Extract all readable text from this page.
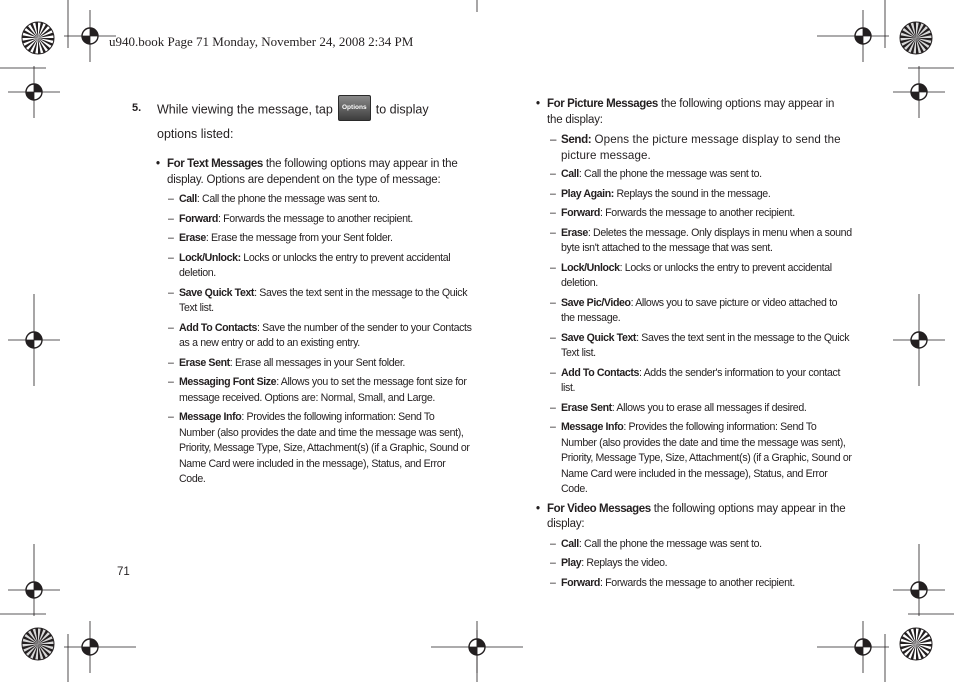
u940.book Page 71 Monday, November 24, 2008 2:34 PM
5.	While viewing the message, tap Options to display options listed:
• For Text Messages the following options may appear in the display. Options are dependent on the type of message:
– Call: Call the phone the message was sent to.
– Forward: Forwards the message to another recipient.
– Erase: Erase the message from your Sent folder.
– Lock/Unlock: Locks or unlocks the entry to prevent accidental deletion.
– Save Quick Text: Saves the text sent in the message to the Quick Text list.
– Add To Contacts: Save the number of the sender to your Contacts as a new entry or add to an existing entry.
– Erase Sent: Erase all messages in your Sent folder.
– Messaging Font Size: Allows you to set the message font size for message received. Options are: Normal, Small, and Large.
– Message Info: Provides the following information: Send To Number (also provides the date and time the message was sent), Priority, Message Type, Size, Attachment(s) (if a Graphic, Sound or Name Card were included in the message), Status, and Error Code.
• For Picture Messages the following options may appear in the display:
– Send: Opens the picture message display to send the picture message.
– Call: Call the phone the message was sent to.
– Play Again: Replays the sound in the message.
– Forward: Forwards the message to another recipient.
– Erase: Deletes the message. Only displays in menu when a sound byte isn't attached to the message that was sent.
– Lock/Unlock: Locks or unlocks the entry to prevent accidental deletion.
– Save Pic/Video: Allows you to save picture or video attached to the message.
– Save Quick Text: Saves the text sent in the message to the Quick Text list.
– Add To Contacts: Adds the sender's information to your contact list.
– Erase Sent: Allows you to erase all messages if desired.
– Message Info: Provides the following information: Send To Number (also provides the date and time the message was sent), Priority, Message Type, Size, Attachment(s) (if a Graphic, Sound or Name Card were included in the message), Status, and Error Code.
• For Video Messages the following options may appear in the display:
– Call: Call the phone the message was sent to.
– Play: Replays the video.
– Forward: Forwards the message to another recipient.
71
